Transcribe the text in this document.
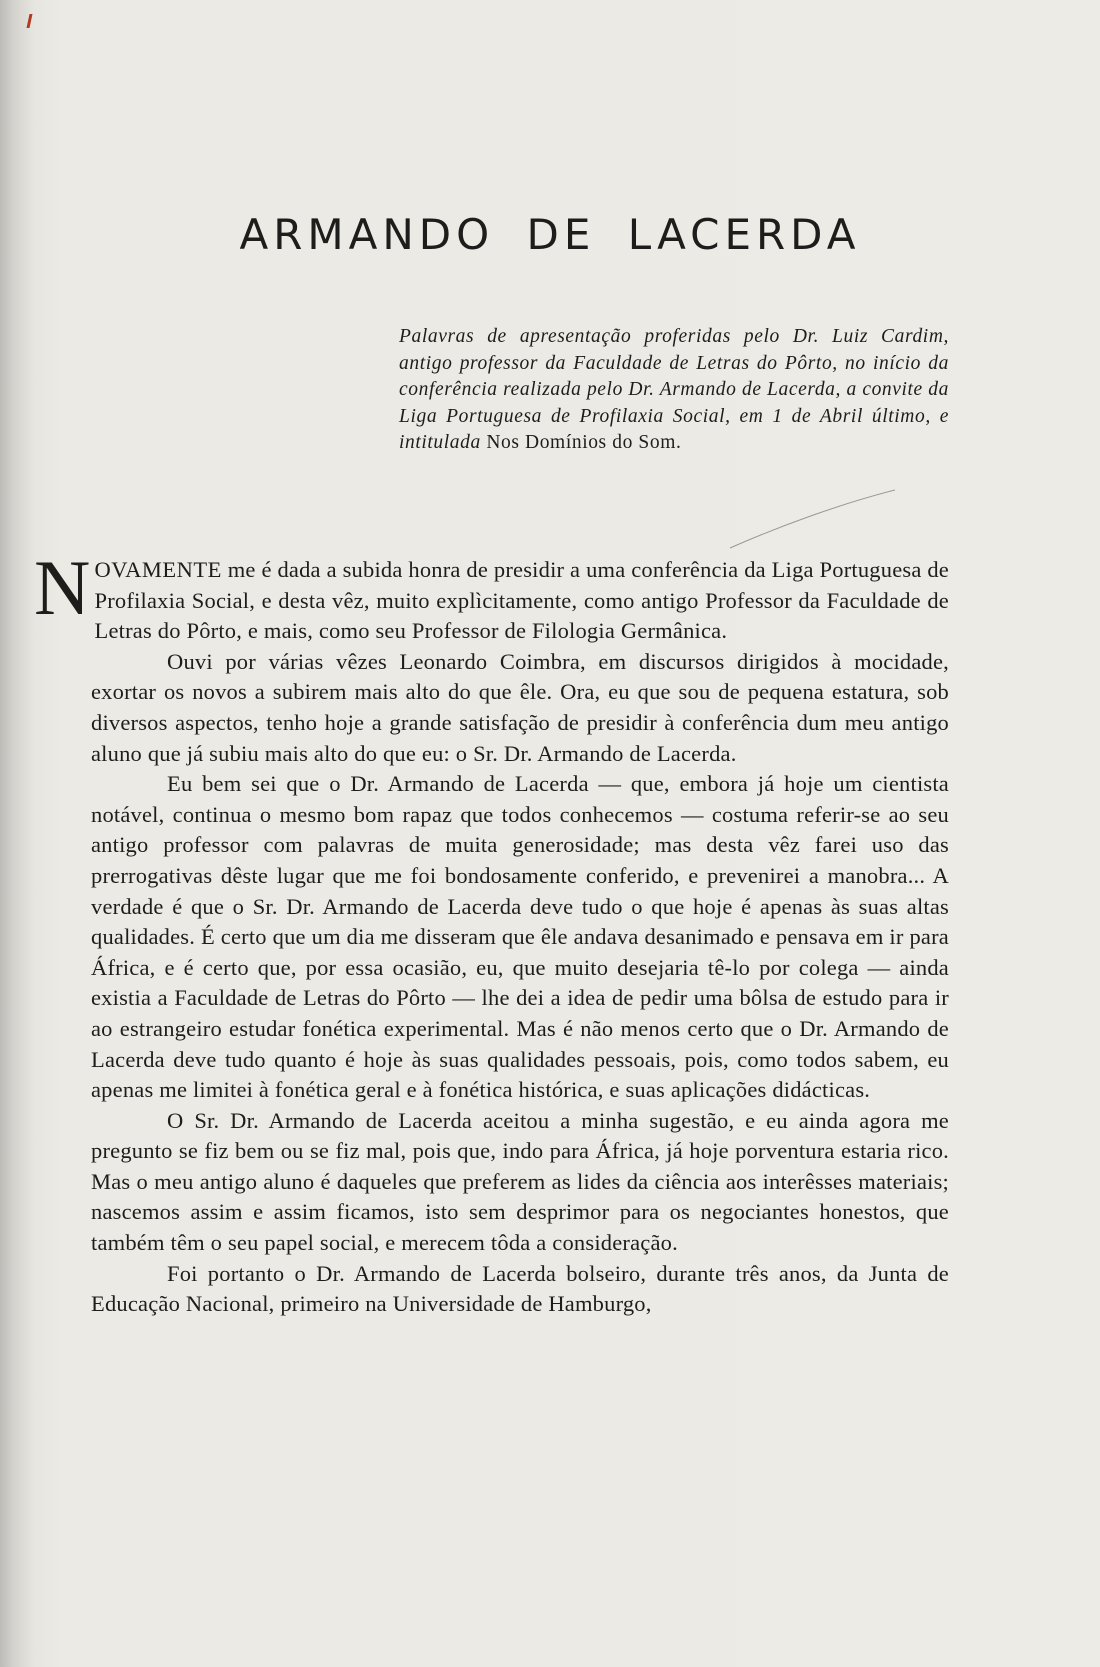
ARMANDO DE LACERDA

Palavras de apresentação proferidas pelo Dr. Luiz Cardim, antigo professor da Faculdade de Letras do Pôrto, no início da conferência realizada pelo Dr. Armando de Lacerda, a convite da Liga Portuguesa de Profilaxia Social, em 1 de Abril último, e intitulada Nos Domínios do Som.

NOVAMENTE me é dada a subida honra de presidir a uma conferência da Liga Portuguesa de Profilaxia Social, e desta vêz, muito explìcitamente, como antigo Professor da Faculdade de Letras do Pôrto, e mais, como seu Professor de Filologia Germânica.

Ouvi por várias vêzes Leonardo Coimbra, em discursos dirigidos à mocidade, exortar os novos a subirem mais alto do que êle. Ora, eu que sou de pequena estatura, sob diversos aspectos, tenho hoje a grande satisfação de presidir à conferência dum meu antigo aluno que já subiu mais alto do que eu: o Sr. Dr. Armando de Lacerda.

Eu bem sei que o Dr. Armando de Lacerda — que, embora já hoje um cientista notável, continua o mesmo bom rapaz que todos conhecemos — costuma referir-se ao seu antigo professor com palavras de muita generosidade; mas desta vêz farei uso das prerrogativas dêste lugar que me foi bondosamente conferido, e prevenirei a manobra... A verdade é que o Sr. Dr. Armando de Lacerda deve tudo o que hoje é apenas às suas altas qualidades. É certo que um dia me disseram que êle andava desanimado e pensava em ir para África, e é certo que, por essa ocasião, eu, que muito desejaria tê-lo por colega — ainda existia a Faculdade de Letras do Pôrto — lhe dei a idea de pedir uma bôlsa de estudo para ir ao estrangeiro estudar fonética experimental. Mas é não menos certo que o Dr. Armando de Lacerda deve tudo quanto é hoje às suas qualidades pessoais, pois, como todos sabem, eu apenas me limitei à fonética geral e à fonética histórica, e suas aplicações didácticas.

O Sr. Dr. Armando de Lacerda aceitou a minha sugestão, e eu ainda agora me pregunto se fiz bem ou se fiz mal, pois que, indo para África, já hoje porventura estaria rico. Mas o meu antigo aluno é daqueles que preferem as lides da ciência aos interêsses materiais; nascemos assim e assim ficamos, isto sem desprimor para os negociantes honestos, que também têm o seu papel social, e merecem tôda a consideração.

Foi portanto o Dr. Armando de Lacerda bolseiro, durante três anos, da Junta de Educação Nacional, primeiro na Universidade de Hamburgo,
